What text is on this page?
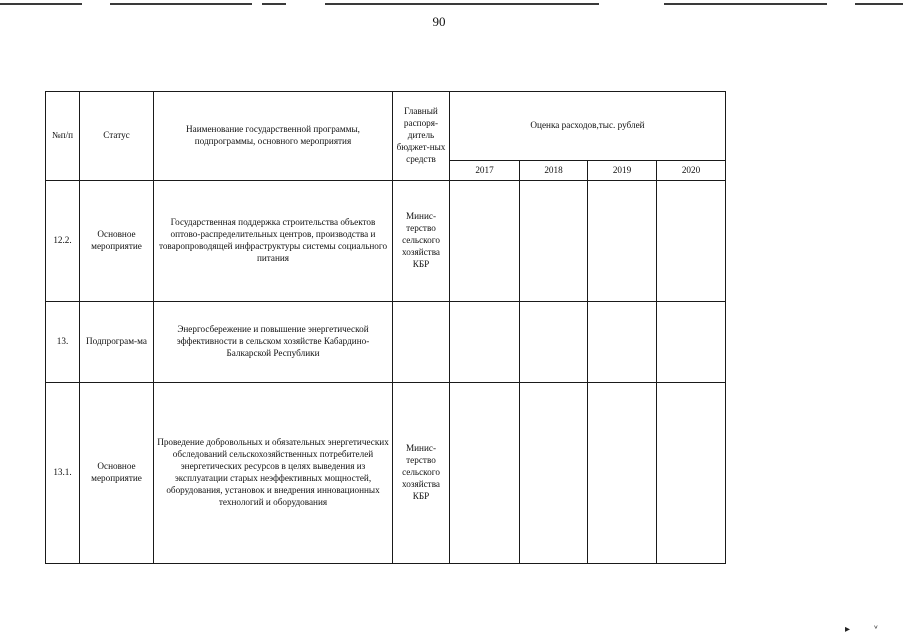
90
№п/п	Статус	Наименование государственной программы, подпрограммы, основного мероприятия	Главный распоря-дитель бюджет-ных средств	Оценка расходов,тыс. рублей			
				2017	2018	2019	2020
12.2.	Основное мероприятие	Государственная поддержка строительства объектов оптово-распределительных центров, производства и товаропроводящей инфраструктуры системы социального питания	Минис-терство сельского хозяйства КБР				
13.	Подпрограм-ма	Энергосбережение и повышение энергетической эффективности в сельском хозяйстве Кабардино-Балкарской Республики					
13.1.	Основное мероприятие	Проведение добровольных и обязательных энергетических обследований сельскохозяйственных потребителей энергетических ресурсов в целях выведения из эксплуатации старых неэффективных мощностей, оборудования, установок и внедрения инновационных технологий и оборудования	Минис-терство сельского хозяйства КБР				
▸ ᵛ
